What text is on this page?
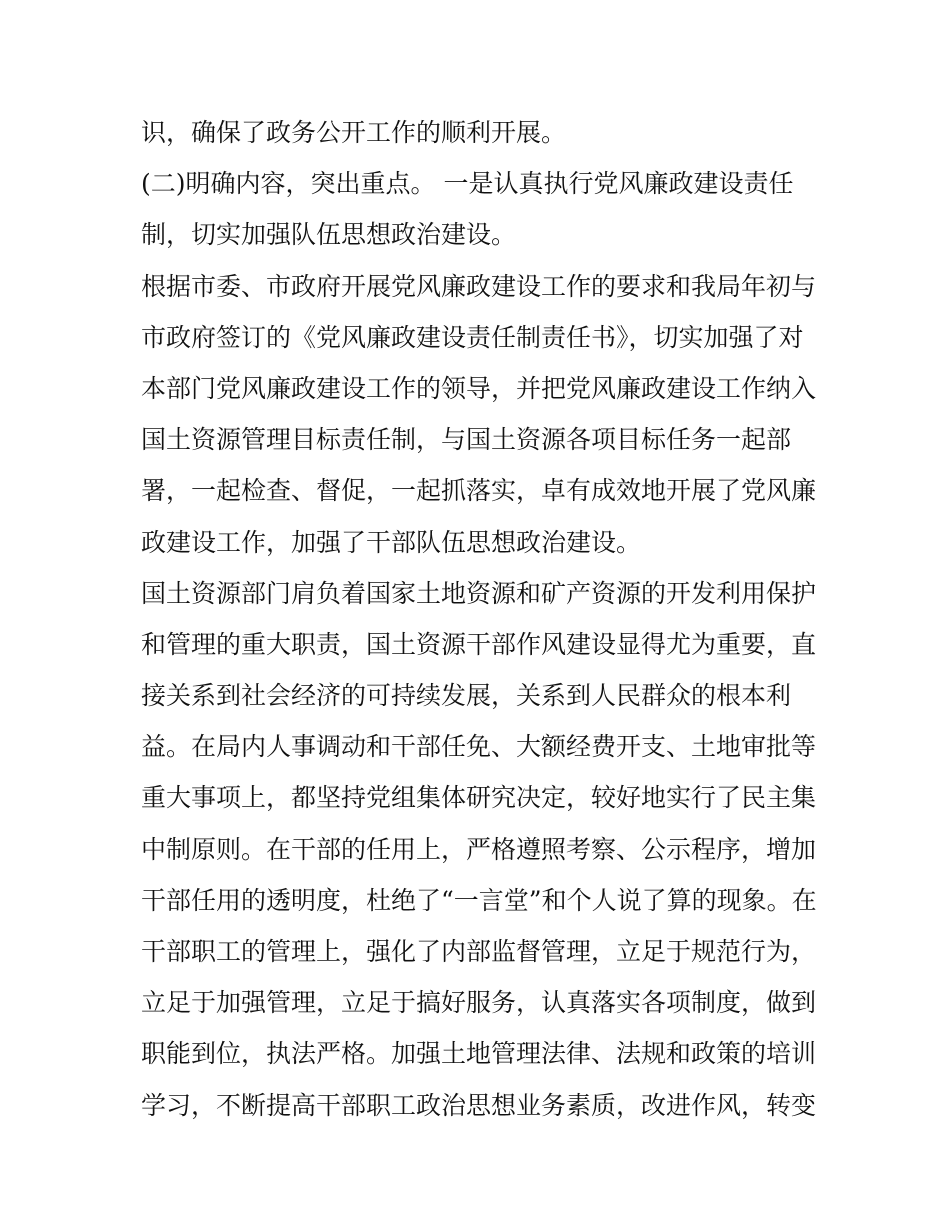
识，确保了政务公开工作的顺利开展。
(二)明确内容，突出重点。 一是认真执行党风廉政建设责任
制，切实加强队伍思想政治建设。
根据市委、市政府开展党风廉政建设工作的要求和我局年初与
市政府签订的《党风廉政建设责任制责任书》，切实加强了对
本部门党风廉政建设工作的领导，并把党风廉政建设工作纳入
国土资源管理目标责任制，与国土资源各项目标任务一起部
署，一起检查、督促，一起抓落实，卓有成效地开展了党风廉
政建设工作，加强了干部队伍思想政治建设。
国土资源部门肩负着国家土地资源和矿产资源的开发利用保护
和管理的重大职责，国土资源干部作风建设显得尤为重要，直
接关系到社会经济的可持续发展，关系到人民群众的根本利
益。在局内人事调动和干部任免、大额经费开支、土地审批等
重大事项上，都坚持党组集体研究决定，较好地实行了民主集
中制原则。在干部的任用上，严格遵照考察、公示程序，增加
干部任用的透明度，杜绝了“一言堂”和个人说了算的现象。在
干部职工的管理上，强化了内部监督管理，立足于规范行为，
立足于加强管理，立足于搞好服务，认真落实各项制度，做到
职能到位，执法严格。加强土地管理法律、法规和政策的培训
学习，不断提高干部职工政治思想业务素质，改进作风，转变
